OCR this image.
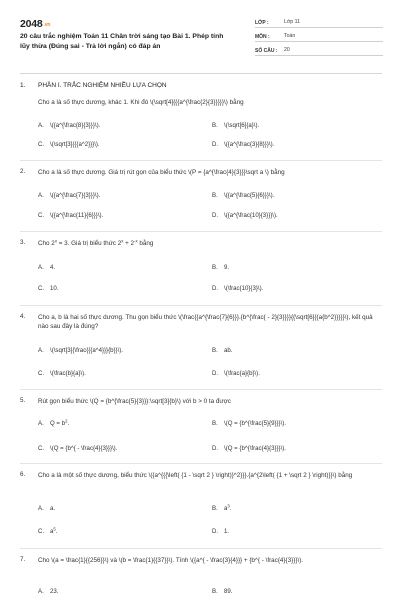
2048.vn
20 câu trắc nghiệm Toán 11 Chân trời sáng tạo Bài 1. Phép tính lũy thừa (Đúng sai - Trả lời ngắn) có đáp án
LỚP :	Lớp 11
MÔN :	Toán
SỐ CÂU :	20
1. PHẦN I. TRẮC NGHIỆM NHIỀU LỰA CHỌN
Cho a là số thực dương, khác 1. Khi đó \(\sqrt[4]{{{a^{\frac{2}{3}}}}}\) bằng
A. \({a^{\frac{8}{3}}}\).	B. \(\sqrt[6]{a}\).
C. \(\sqrt[3]{{{a^2}}}\).	D. \({a^{\frac{3}{8}}}\).
2. Cho a là số thực dương. Giá trị rút gọn của biểu thức \(P = {a^{\frac{4}{3}}}\sqrt a \) bằng
A. \({a^{\frac{7}{3}}}\).	B. \({a^{\frac{5}{6}}}\).
C. \({a^{\frac{11}{6}}}\).	D. \({a^{\frac{10}{3}}}\).
3. Cho $2^x = 3$. Giá trị biểu thức $2^x + 2^{-x}$ bằng
A. 4.	B. 9.
C. 10.	D. \(\frac{10}{3}\).
4. Cho a, b là hai số thực dương. Thu gọn biểu thức \(\frac{{a^{\frac{7}{6}}}.{b^{\frac{ - 2}{3}}}}{{\sqrt[6]{{a{b^2}}}}}\), kết quả nào sau đây là đúng?
A. \(\sqrt[3]{\frac{{{a^4}}}{b}}\).	B. ab.
C. \(\frac{b}{a}\).	D. \(\frac{a}{b}\).
5. Rút gọn biểu thức \(Q = {b^{\frac{5}{3}}}:\sqrt[3]{b}\) với b > 0 ta được
A. $Q = b^2$.	B. \(Q = {b^{\frac{5}{9}}}\).
C. \(Q = {b^{ - \frac{4}{3}}}\).	D. \(Q = {b^{\frac{4}{3}}}\).
6. Cho a là một số thực dương, biểu thức \({a^{{{\left( {1 - \sqrt 2 } \right)}^2}}}.{a^{2\left( {1 + \sqrt 2 } \right)}}\) bằng
A. a.	B. $a^3$.
C. $a^5$.	D. 1.
7. Cho \(a = \frac{1}{{256}}\) và \(b = \frac{1}{{37}}\). Tính \({a^{ - \frac{3}{4}}} + {b^{ - \frac{4}{3}}}\).
A. 23.	B. 89.
